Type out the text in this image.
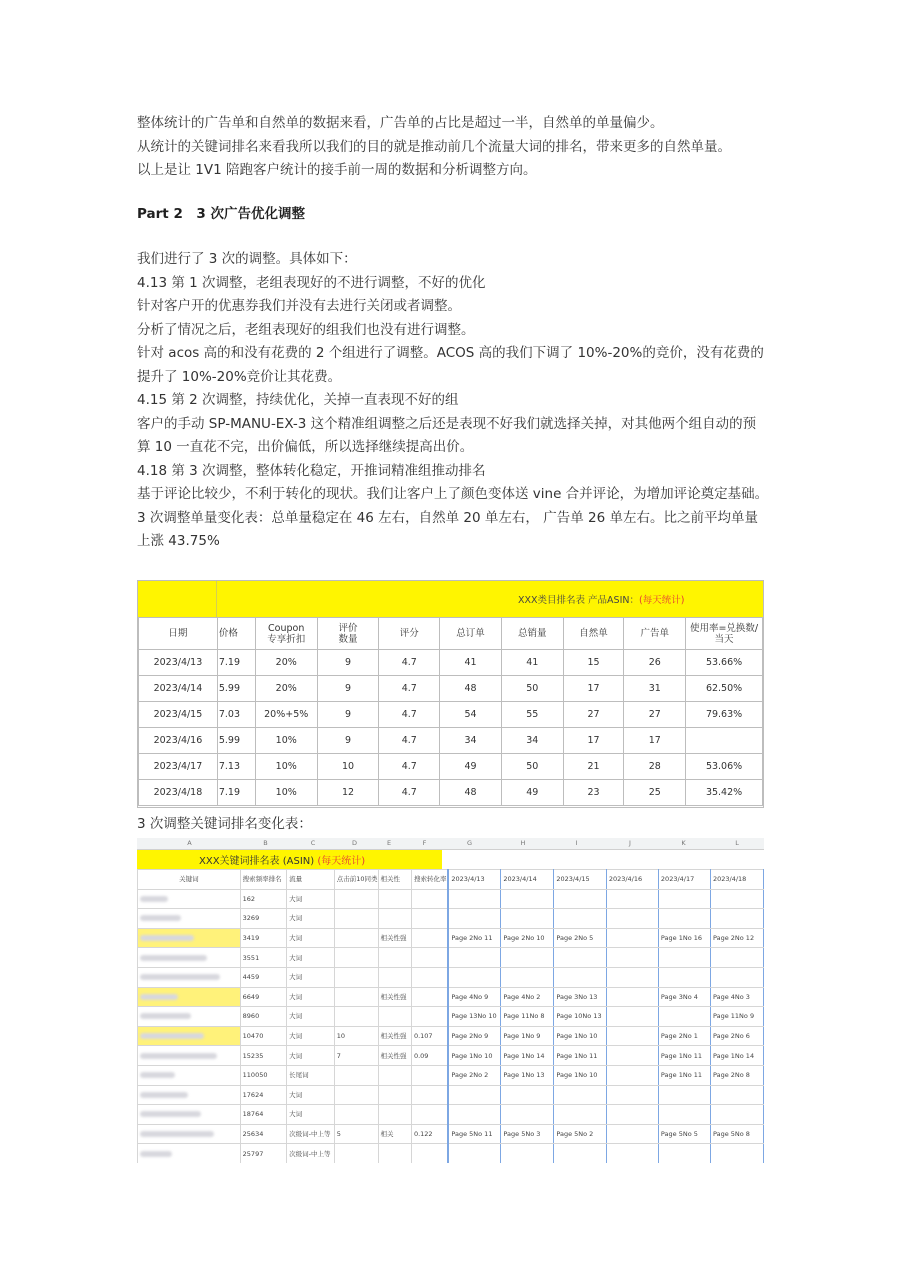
整体统计的广告单和自然单的数据来看，广告单的占比是超过一半，自然单的单量偏少。
从统计的关键词排名来看我所以我们的目的就是推动前几个流量大词的排名，带来更多的自然单量。
以上是让 1V1 陪跑客户统计的接手前一周的数据和分析调整方向。
Part 2　3 次广告优化调整
我们进行了 3 次的调整。具体如下：
4.13 第 1 次调整，老组表现好的不进行调整，不好的优化
针对客户开的优惠券我们并没有去进行关闭或者调整。
分析了情况之后，老组表现好的组我们也没有进行调整。
针对 acos 高的和没有花费的 2 个组进行了调整。ACOS 高的我们下调了 10%-20%的竞价，没有花费的提升了 10%-20%竞价让其花费。
4.15 第 2 次调整，持续优化，关掉一直表现不好的组
客户的手动 SP-MANU-EX-3 这个精准组调整之后还是表现不好我们就选择关掉，对其他两个组自动的预算 10 一直花不完，出价偏低，所以选择继续提高出价。
4.18 第 3 次调整，整体转化稳定，开推词精准组推动排名
基于评论比较少，不利于转化的现状。我们让客户上了颜色变体送 vine 合并评论，为增加评论奠定基础。
3 次调整单量变化表：总单量稳定在 46 左右，自然单 20 单左右， 广告单 26 单左右。比之前平均单量上涨 43.75%
XXX类目排名表 产品ASIN：(每天统计)
日期	价格	Coupon
专享折扣	评价
数量	评分	总订单	总销量	自然单	广告单	使用率=兑换数/当天
2023/4/13	7.19	20%	9	4.7	41	41	15	26	53.66%
2023/4/14	5.99	20%	9	4.7	48	50	17	31	62.50%
2023/4/15	7.03	20%+5%	9	4.7	54	55	27	27	79.63%
2023/4/16	5.99	10%	9	4.7	34	34	17	17	
2023/4/17	7.13	10%	10	4.7	49	50	21	28	53.06%
2023/4/18	7.19	10%	12	4.7	48	49	23	25	35.42%
3 次调整关键词排名变化表：
A	B	C	D	E	F	G	H	I	J	K	L
XXX关键词排名表 (ASIN) (每天统计)
关键词	搜索频率排名	流量	点击前10同类	相关性	搜索转化率	2023/4/13	2023/4/14	2023/4/15	2023/4/16	2023/4/17	2023/4/18
	162	大词									
	3269	大词									
	3419	大词		相关性强		Page 2No 11	Page 2No 10	Page 2No 5		Page 1No 16	Page 2No 12
	3551	大词									
	4459	大词									
	6649	大词		相关性强		Page 4No 9	Page 4No 2	Page 3No 13		Page 3No 4	Page 4No 3
	8960	大词				Page 13No 10	Page 11No 8	Page 10No 13			Page 11No 9
	10470	大词	10	相关性强	0.107	Page 2No 9	Page 1No 9	Page 1No 10		Page 2No 1	Page 2No 6
	15235	大词	7	相关性强	0.09	Page 1No 10	Page 1No 14	Page 1No 11		Page 1No 11	Page 1No 14
	110050	长尾词				Page 2No 2	Page 1No 13	Page 1No 10		Page 1No 11	Page 2No 8
	17624	大词									
	18764	大词									
	25634	次级词-中上等	5	相关	0.122	Page 5No 11	Page 5No 3	Page 5No 2		Page 5No 5	Page 5No 8
	25797	次级词-中上等									
